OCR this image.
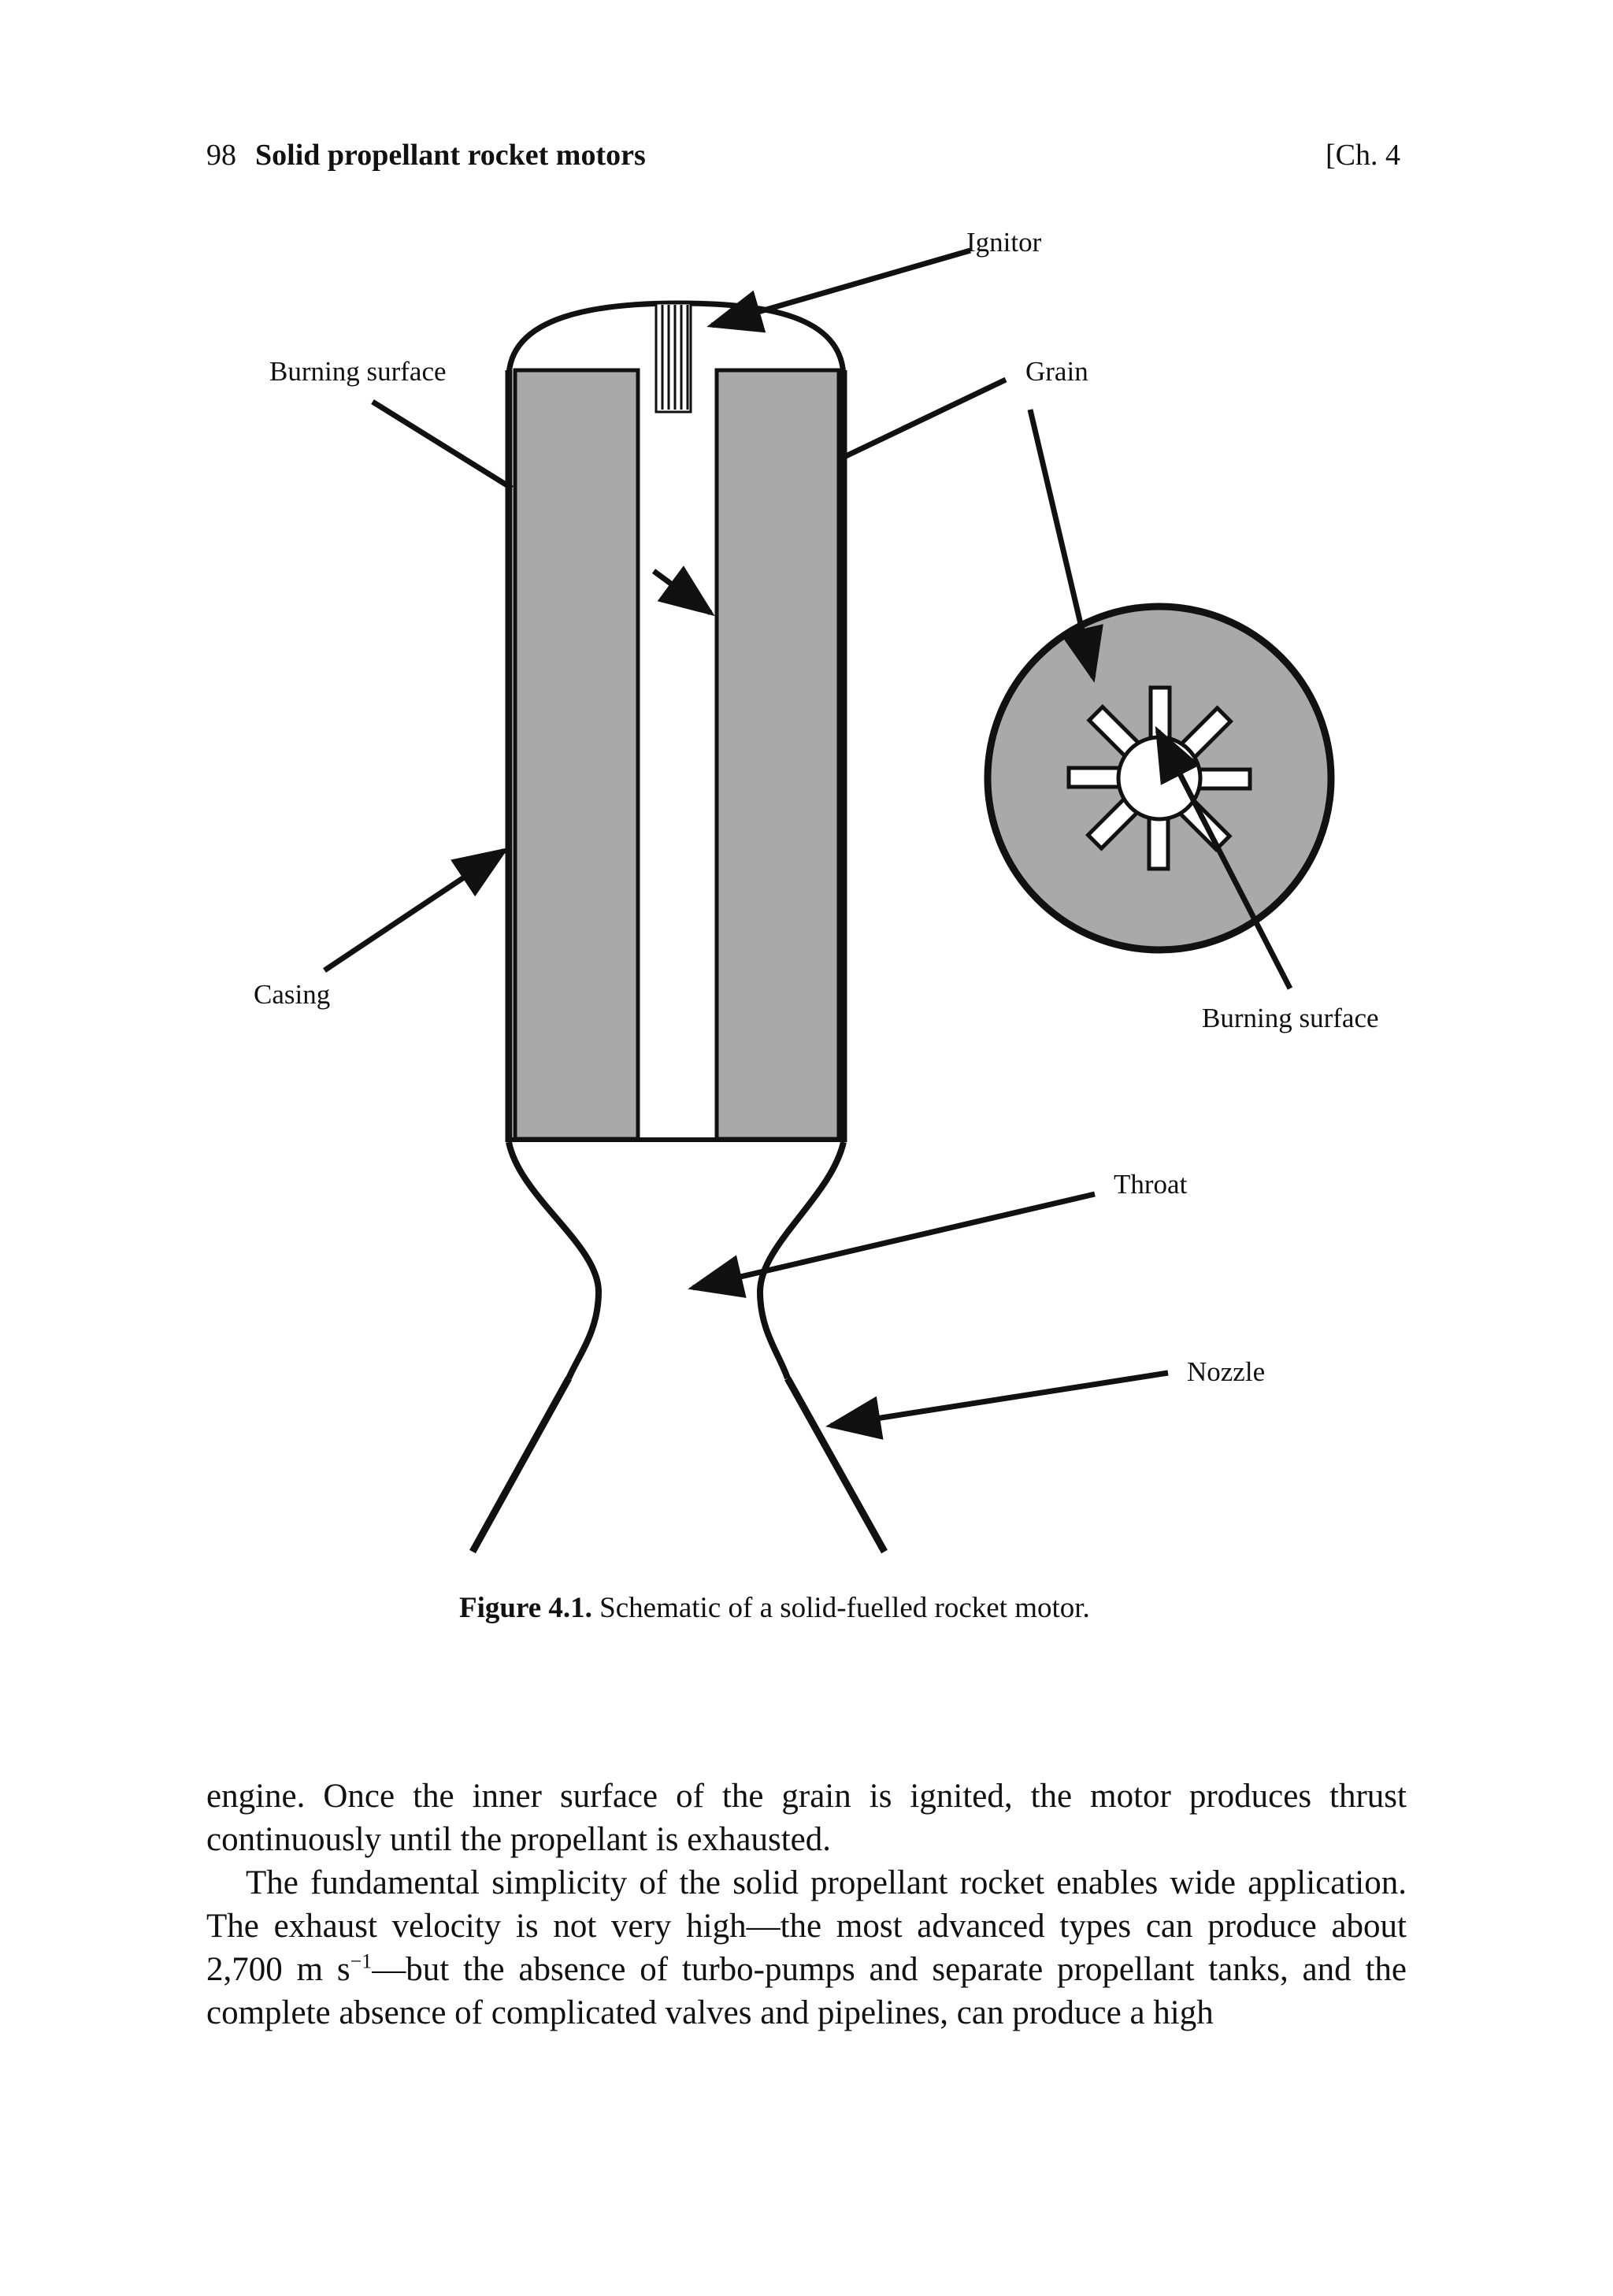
98 Solid propellant rocket motors	[Ch. 4
Ignitor
Burning surface	Grain
Casing
Burning surface
Throat
Nozzle
Figure 4.1. Schematic of a solid-fuelled rocket motor.

engine. Once the inner surface of the grain is ignited, the motor produces thrust continuously until the propellant is exhausted.

The fundamental simplicity of the solid propellant rocket enables wide application. The exhaust velocity is not very high—the most advanced types can produce about 2,700 m $s^{-1}—but$ the absence of turbo-pumps and separate propellant tanks, and the complete absence of complicated valves and pipelines, can produce a high
